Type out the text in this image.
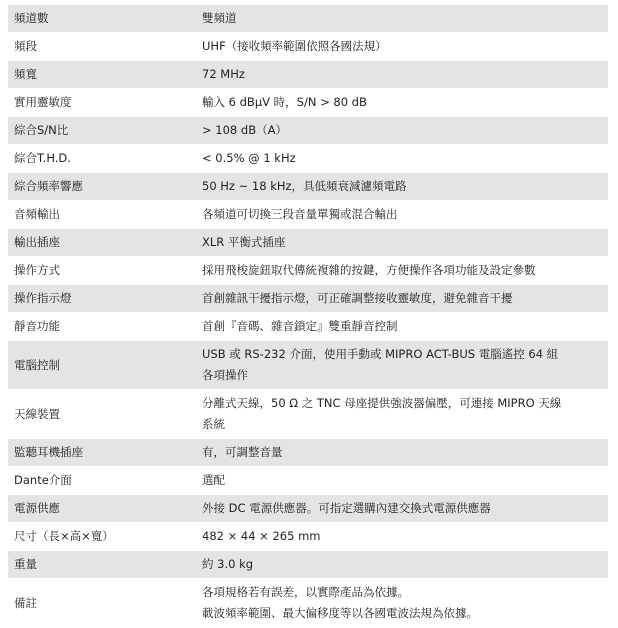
頻道數	雙頻道

頻段	UHF（接收頻率範圍依照各國法規）

頻寬	72 MHz

實用靈敏度	輸入 6 dBμV 時，S/N > 80 dB

綜合S/N比	> 108 dB（A）

綜合T.H.D.	< 0.5% @ 1 kHz

綜合頻率響應	50 Hz ~ 18 kHz，具低頻衰減濾頻電路

音頻輸出	各頻道可切換三段音量單獨或混合輸出

輸出插座	XLR 平衡式插座

操作方式	採用飛梭旋鈕取代傳統複雜的按鍵，方便操作各項功能及設定參數

操作指示燈	首創雜訊干擾指示燈，可正確調整接收靈敏度，避免雜音干擾

靜音功能	首創『音碼、雜音鎖定』雙重靜音控制

電腦控制	USB 或 RS-232 介面，使用手動或 MIPRO ACT-BUS 電腦遙控 64 組
各項操作

天線裝置	分離式天線，50 Ω 之 TNC 母座提供強波器偏壓，可連接 MIPRO 天線
系統

監聽耳機插座	有，可調整音量

Dante介面	選配

電源供應	外接 DC 電源供應器。可指定選購內建交換式電源供應器

尺寸（長×高×寬）	482 × 44 × 265 mm

重量	約 3.0 kg

備註	各項規格若有誤差，以實際產品為依據。
載波頻率範圍、最大偏移度等以各國電波法規為依據。
